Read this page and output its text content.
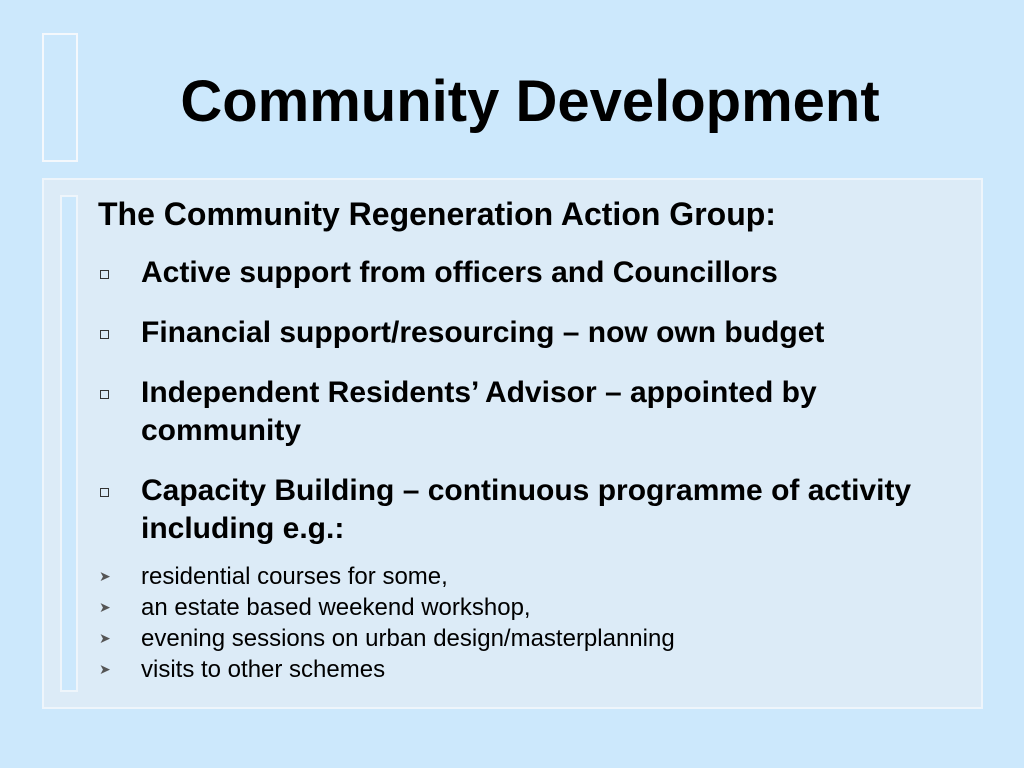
Community Development

The Community Regeneration Action Group:

Active support from officers and Councillors
Financial support/resourcing – now own budget
Independent Residents’ Advisor – appointed by community
Capacity Building – continuous programme of activity including e.g.:
➤ residential courses for some,
➤ an estate based weekend workshop,
➤ evening sessions on urban design/masterplanning
➤ visits to other schemes
